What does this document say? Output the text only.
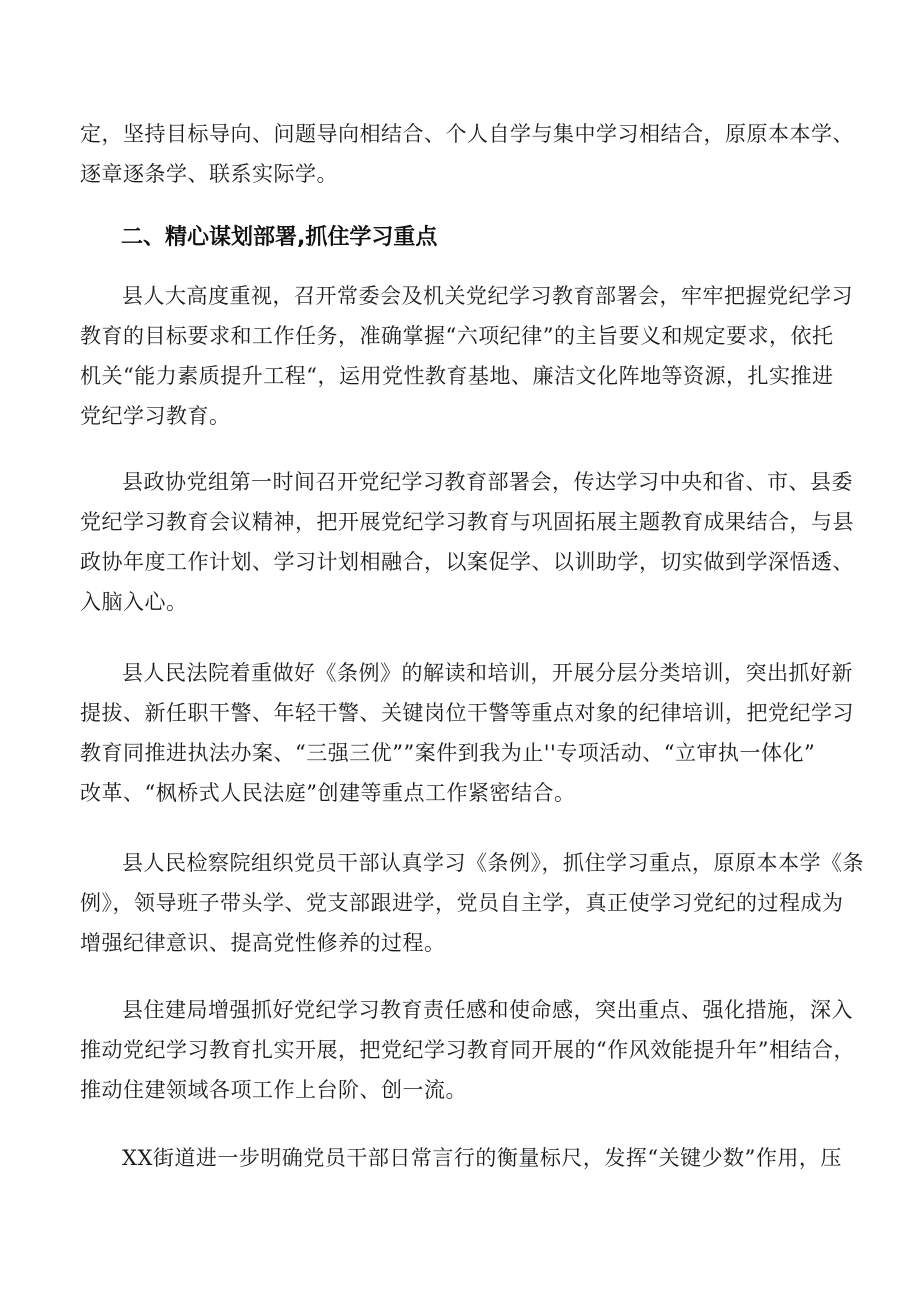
定，坚持目标导向、问题导向相结合、个人自学与集中学习相结合，原原本本学、
逐章逐条学、联系实际学。
二、精心谋划部署,抓住学习重点
县人大高度重视，召开常委会及机关党纪学习教育部署会，牢牢把握党纪学习
教育的目标要求和工作任务，准确掌握“六项纪律”的主旨要义和规定要求，依托
机关“能力素质提升工程“，运用党性教育基地、廉洁文化阵地等资源，扎实推进
党纪学习教育。
县政协党组第一时间召开党纪学习教育部署会，传达学习中央和省、市、县委
党纪学习教育会议精神，把开展党纪学习教育与巩固拓展主题教育成果结合，与县
政协年度工作计划、学习计划相融合，以案促学、以训助学，切实做到学深悟透、
入脑入心。
县人民法院着重做好《条例》的解读和培训，开展分层分类培训，突出抓好新
提拔、新任职干警、年轻干警、关键岗位干警等重点对象的纪律培训，把党纪学习
教育同推进执法办案、“三强三优””案件到我为止''专项活动、“立审执一体化”
改革、“枫桥式人民法庭”创建等重点工作紧密结合。
县人民检察院组织党员干部认真学习《条例》，抓住学习重点，原原本本学《条
例》，领导班子带头学、党支部跟进学，党员自主学，真正使学习党纪的过程成为
增强纪律意识、提高党性修养的过程。
县住建局增强抓好党纪学习教育责任感和使命感，突出重点、强化措施，深入
推动党纪学习教育扎实开展，把党纪学习教育同开展的“作风效能提升年”相结合，
推动住建领域各项工作上台阶、创一流。
XX街道进一步明确党员干部日常言行的衡量标尺，发挥“关键少数”作用，压
